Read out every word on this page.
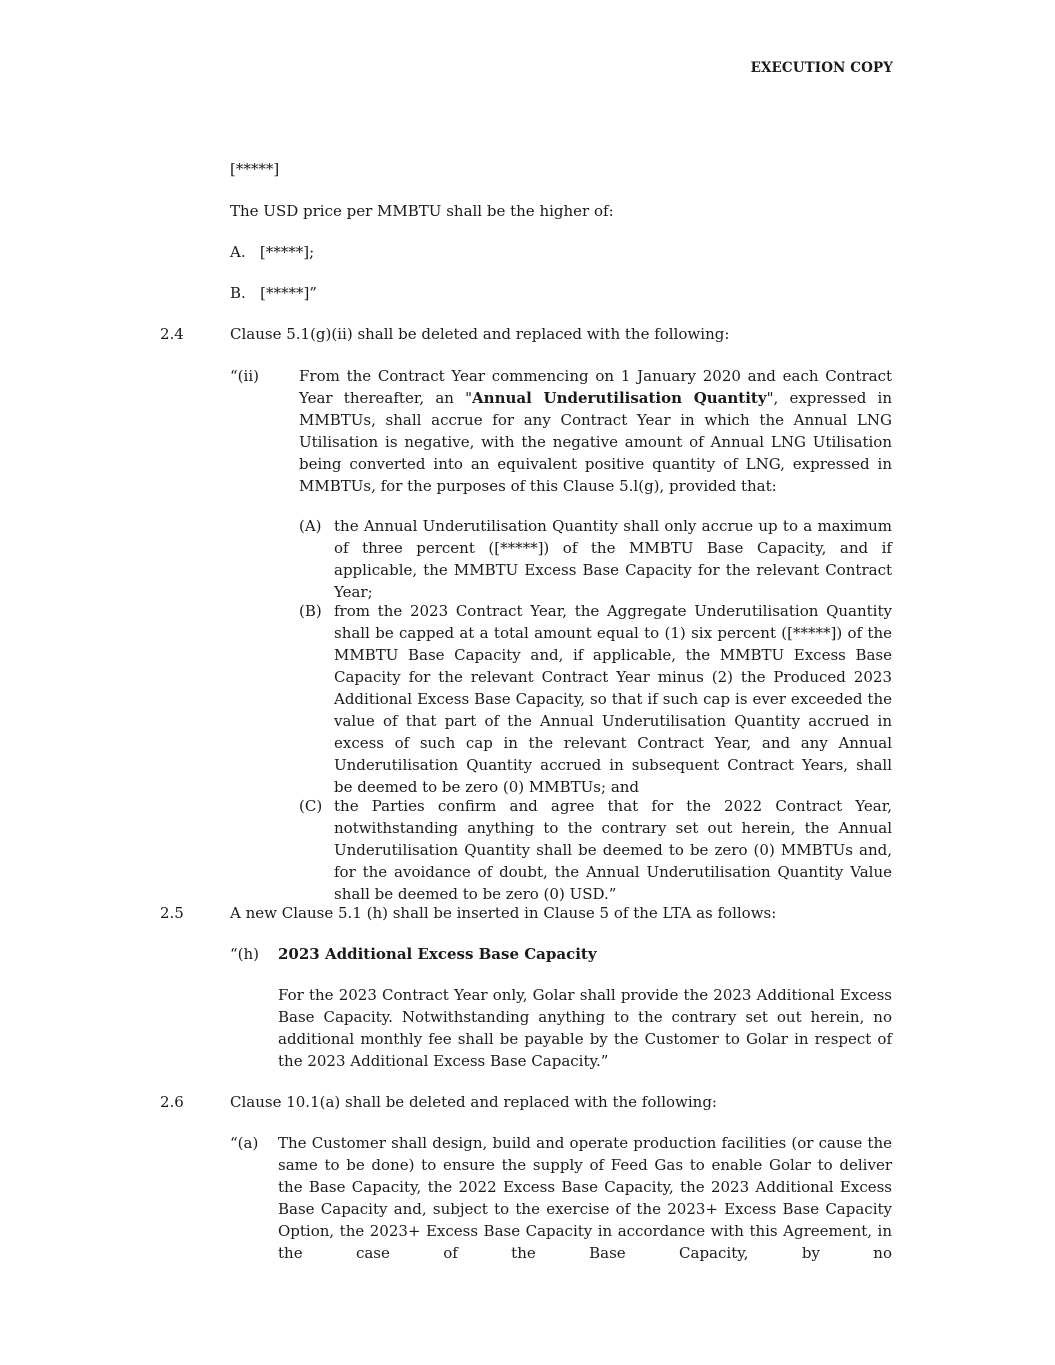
EXECUTION COPY
[*****]
The USD price per MMBTU shall be the higher of:
A.   [*****];
B.   [*****]”
2.4	Clause 5.1(g)(ii) shall be deleted and replaced with the following:
“(ii)	From the Contract Year commencing on 1 January 2020 and each Contract Year thereafter, an "Annual Underutilisation Quantity", expressed in MMBTUs, shall accrue for any Contract Year in which the Annual LNG Utilisation is negative, with the negative amount of Annual LNG Utilisation being converted into an equivalent positive quantity of LNG, expressed in MMBTUs, for the purposes of this Clause 5.l(g), provided that:
(A) the Annual Underutilisation Quantity shall only accrue up to a maximum of three percent ([*****]) of the MMBTU Base Capacity, and if applicable, the MMBTU Excess Base Capacity for the relevant Contract Year;
(B) from the 2023 Contract Year, the Aggregate Underutilisation Quantity shall be capped at a total amount equal to (1) six percent ([*****]) of the MMBTU Base Capacity and, if applicable, the MMBTU Excess Base Capacity for the relevant Contract Year minus (2) the Produced 2023 Additional Excess Base Capacity, so that if such cap is ever exceeded the value of that part of the Annual Underutilisation Quantity accrued in excess of such cap in the relevant Contract Year, and any Annual Underutilisation Quantity accrued in subsequent Contract Years, shall be deemed to be zero (0) MMBTUs; and
(C) the Parties confirm and agree that for the 2022 Contract Year, notwithstanding anything to the contrary set out herein, the Annual Underutilisation Quantity shall be deemed to be zero (0) MMBTUs and, for the avoidance of doubt, the Annual Underutilisation Quantity Value shall be deemed to be zero (0) USD.”
2.5	A new Clause 5.1 (h) shall be inserted in Clause 5 of the LTA as follows:
“(h) 2023 Additional Excess Base Capacity
For the 2023 Contract Year only, Golar shall provide the 2023 Additional Excess Base Capacity. Notwithstanding anything to the contrary set out herein, no additional monthly fee shall be payable by the Customer to Golar in respect of the 2023 Additional Excess Base Capacity.”
2.6	Clause 10.1(a) shall be deleted and replaced with the following:
“(a) The Customer shall design, build and operate production facilities (or cause the same to be done) to ensure the supply of Feed Gas to enable Golar to deliver the Base Capacity, the 2022 Excess Base Capacity, the 2023 Additional Excess Base Capacity and, subject to the exercise of the 2023+ Excess Base Capacity Option, the 2023+ Excess Base Capacity in accordance with this Agreement, in the case of the Base Capacity, by no
